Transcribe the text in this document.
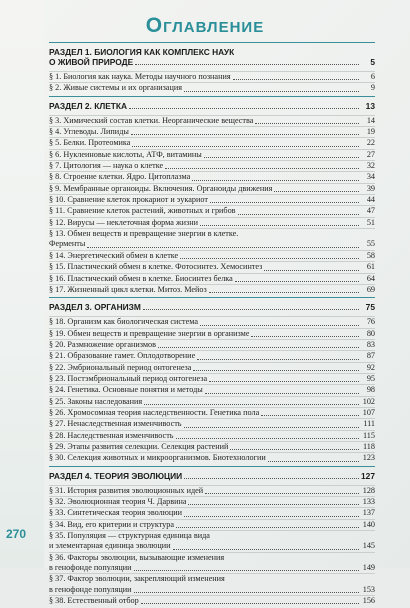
Оглавление
270
РАЗДЕЛ 1. БИОЛОГИЯ КАК КОМПЛЕКС НАУК
О ЖИВОЙ ПРИРОДЕ	5
§ 1. Биология как наука. Методы научного познания	6
§ 2. Живые системы и их организация	9
РАЗДЕЛ 2. КЛЕТКА	13
§ 3. Химический состав клетки. Неорганические вещества	14
§ 4. Углеводы. Липиды	19
§ 5. Белки. Протеомика	22
§ 6. Нуклеиновые кислоты, АТФ, витамины	27
§ 7. Цитология — наука о клетке	32
§ 8. Строение клетки. Ядро. Цитоплазма	34
§ 9. Мембранные органоиды. Включения. Органоиды движения	39
§ 10. Сравнение клеток прокариот и эукариот	44
§ 11. Сравнение клеток растений, животных и грибов	47
§ 12. Вирусы — неклеточная форма жизни	51
§ 13. Обмен веществ и превращение энергии в клетке.
Ферменты	55
§ 14. Энергетический обмен в клетке	58
§ 15. Пластический обмен в клетке. Фотосинтез. Хемосинтез	61
§ 16. Пластический обмен в клетке. Биосинтез белка	64
§ 17. Жизненный цикл клетки. Митоз. Мейоз	69
РАЗДЕЛ 3. ОРГАНИЗМ	75
§ 18. Организм как биологическая система	76
§ 19. Обмен веществ и превращение энергии в организме	80
§ 20. Размножение организмов	83
§ 21. Образование гамет. Оплодотворение	87
§ 22. Эмбриональный период онтогенеза	92
§ 23. Постэмбриональный период онтогенеза	95
§ 24. Генетика. Основные понятия и методы	98
§ 25. Законы наследования	102
§ 26. Хромосомная теория наследственности. Генетика пола	107
§ 27. Ненаследственная изменчивость	111
§ 28. Наследственная изменчивость	115
§ 29. Этапы развития селекции. Селекция растений	118
§ 30. Селекция животных и микроорганизмов. Биотехнологии	123
РАЗДЕЛ 4. ТЕОРИЯ ЭВОЛЮЦИИ	127
§ 31. История развития эволюционных идей	128
§ 32. Эволюционная теория Ч. Дарвина	133
§ 33. Синтетическая теория эволюции	137
§ 34. Вид, его критерии и структура	140
§ 35. Популяция — структурная единица вида
и элементарная единица эволюции	145
§ 36. Факторы эволюции, вызывающие изменения
в генофонде популяции	149
§ 37. Фактор эволюции, закрепляющий изменения
в генофонде популяции	153
§ 38. Естественный отбор	156
